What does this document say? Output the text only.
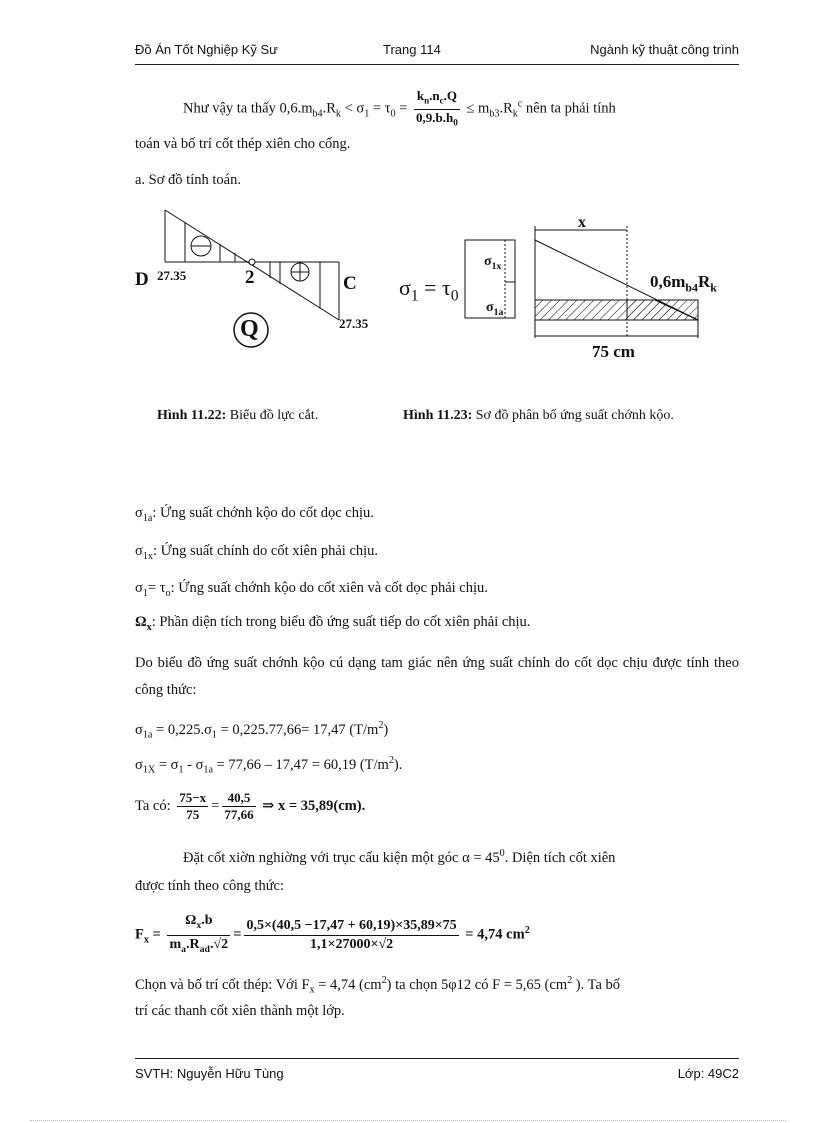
Đồ Án Tốt Nghiệp Kỹ Sư	Trang 114	Ngành kỹ thuật công trình
Như vậy ta thấy $0,6.m_{b4}.R_k < \sigma_1 = \tau_0 = \frac{k_n.n_c.Q}{0,9.b.h_0} \le m_{b3}.R_k^c$ nên ta phải tính
toán và bố trí cốt thép xiên cho cống.
a. Sơ đồ tính toán.
D 27.35	2	C
27.35
Q
$\sigma_1 = \tau_0$
$\sigma_{1x}$
$\sigma_{1a}$
x
$0,6m_{b4}R_k$
75 cm
Hình 11.22: Biểu đồ lực cắt.	Hình 11.23: Sơ đồ phân bố ứng suất chớnh kộo.
$\sigma_{1a}$: Ứng suất chớnh kộo do cốt dọc chịu.
$\sigma_{1x}$: Ứng suất chính do cốt xiên phải chịu.
$\sigma_1= \tau_o$: Ứng suất chớnh kộo do cốt xiên và cốt dọc phải chịu.
$\Omega_x$: Phần diện tích trong biểu đồ ứng suất tiếp do cốt xiên phải chịu.
Do biểu đồ ứng suất chớnh kộo cú dạng tam giác nên ứng suất chính do cốt dọc chịu được tính theo công thức:
$\sigma_{1a} = 0,225.\sigma_1 = 0,225.77,66= 17,47$ $(T/m^2)$
$\sigma_{1X} = \sigma_1 - \sigma_{1a} = 77,66 - 17,47 = 60,19$ $(T/m^2)$.
Ta có: $\frac{75-x}{75} = \frac{40,5}{77,66}$ ⇒ x = 35,89(cm).
Đặt cốt xiờn nghiờng với trục cấu kiện một góc $\alpha = 45^0$. Diện tích cốt xiên
được tính theo công thức:
$F_x = \frac{\Omega_x.b}{m_a.R_{ad}.√2} = \frac{0,5\times(40,5 -17,47 + 60,19)\times 35,89\times 75}{1,1\times 27000\times√2} = 4,74$ $cm^2$
Chọn và bố trí cốt thép: Với $F_x = 4,74$ $(cm^2)$ ta chọn 5φ12 có F = 5,65 ($cm^2$ ). Ta bố
trí các thanh cốt xiên thành một lớp.
SVTH: Nguyễn Hữu Tùng	Lớp: 49C2
